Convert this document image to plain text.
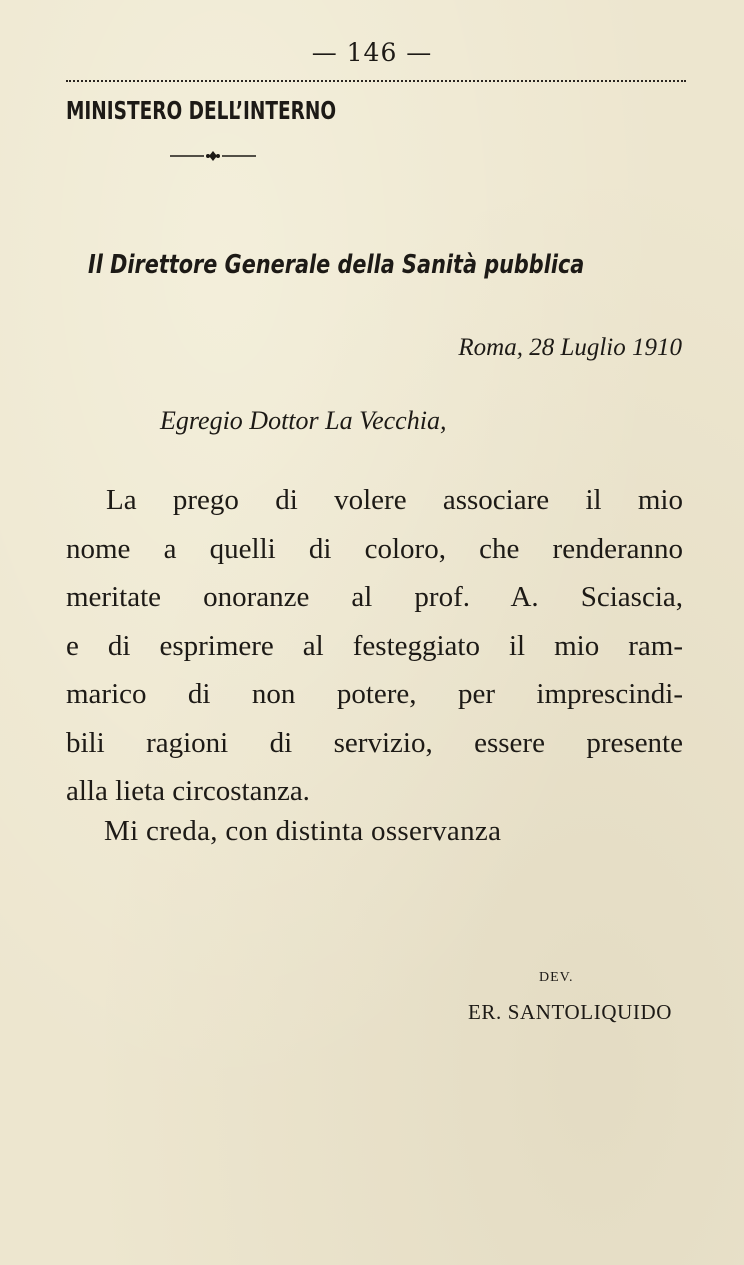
— 146 —
MINISTERO DELL’INTERNO
Il Direttore Generale della Sanità pubblica
Roma, 28 Luglio 1910
Egregio Dottor La Vecchia,
La prego di volere associare il mio
nome a quelli di coloro, che renderanno
meritate onoranze al prof. A. Sciascia,
e di esprimere al festeggiato il mio ram-
marico di non potere, per imprescindi-
bili ragioni di servizio, essere presente
alla lieta circostanza.
Mi creda, con distinta osservanza
DEV.
ER. SANTOLIQUIDO
